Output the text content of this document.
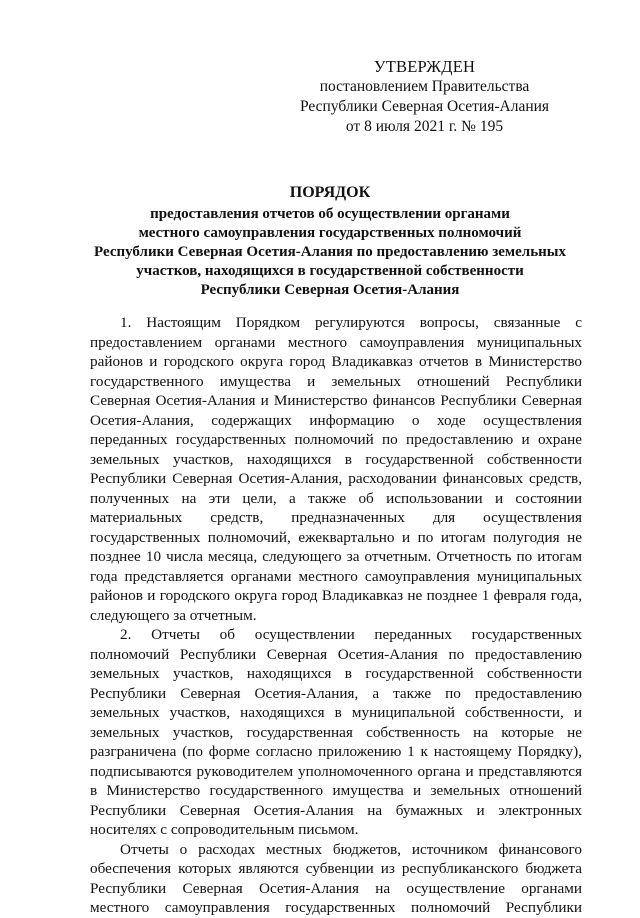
УТВЕРЖДЕН
постановлением Правительства
Республики Северная Осетия-Алания
от 8 июля 2021 г. № 195
ПОРЯДОК
предоставления отчетов об осуществлении органами
местного самоуправления государственных полномочий
Республики Северная Осетия-Алания по предоставлению земельных
участков, находящихся в государственной собственности
Республики Северная Осетия-Алания
1. Настоящим Порядком регулируются вопросы, связанные с
предоставлением органами местного самоуправления муниципальных
районов и городского округа город Владикавказ отчетов в Министерство
государственного имущества и земельных отношений Республики
Северная Осетия-Алания и Министерство финансов Республики Северная
Осетия-Алания, содержащих информацию о ходе осуществления
переданных государственных полномочий по предоставлению и охране
земельных участков, находящихся в государственной собственности
Республики Северная Осетия-Алания, расходовании финансовых средств,
полученных на эти цели, а также об использовании и состоянии
материальных средств, предназначенных для осуществления
государственных полномочий, ежеквартально и по итогам полугодия не
позднее 10 числа месяца, следующего за отчетным. Отчетность по итогам
года представляется органами местного самоуправления муниципальных
районов и городского округа город Владикавказ не позднее 1 февраля года,
следующего за отчетным.
2. Отчеты об осуществлении переданных государственных
полномочий Республики Северная Осетия-Алания по предоставлению
земельных участков, находящихся в государственной собственности
Республики Северная Осетия-Алания, а также по предоставлению
земельных участков, находящихся в муниципальной собственности, и
земельных участков, государственная собственность на которые не
разграничена (по форме согласно приложению 1 к настоящему Порядку),
подписываются руководителем уполномоченного органа и представляются
в Министерство государственного имущества и земельных отношений
Республики Северная Осетия-Алания на бумажных и электронных
носителях с сопроводительным письмом.
Отчеты о расходах местных бюджетов, источником финансового
обеспечения которых являются субвенции из республиканского бюджета
Республики Северная Осетия-Алания на осуществление органами
местного самоуправления государственных полномочий Республики
